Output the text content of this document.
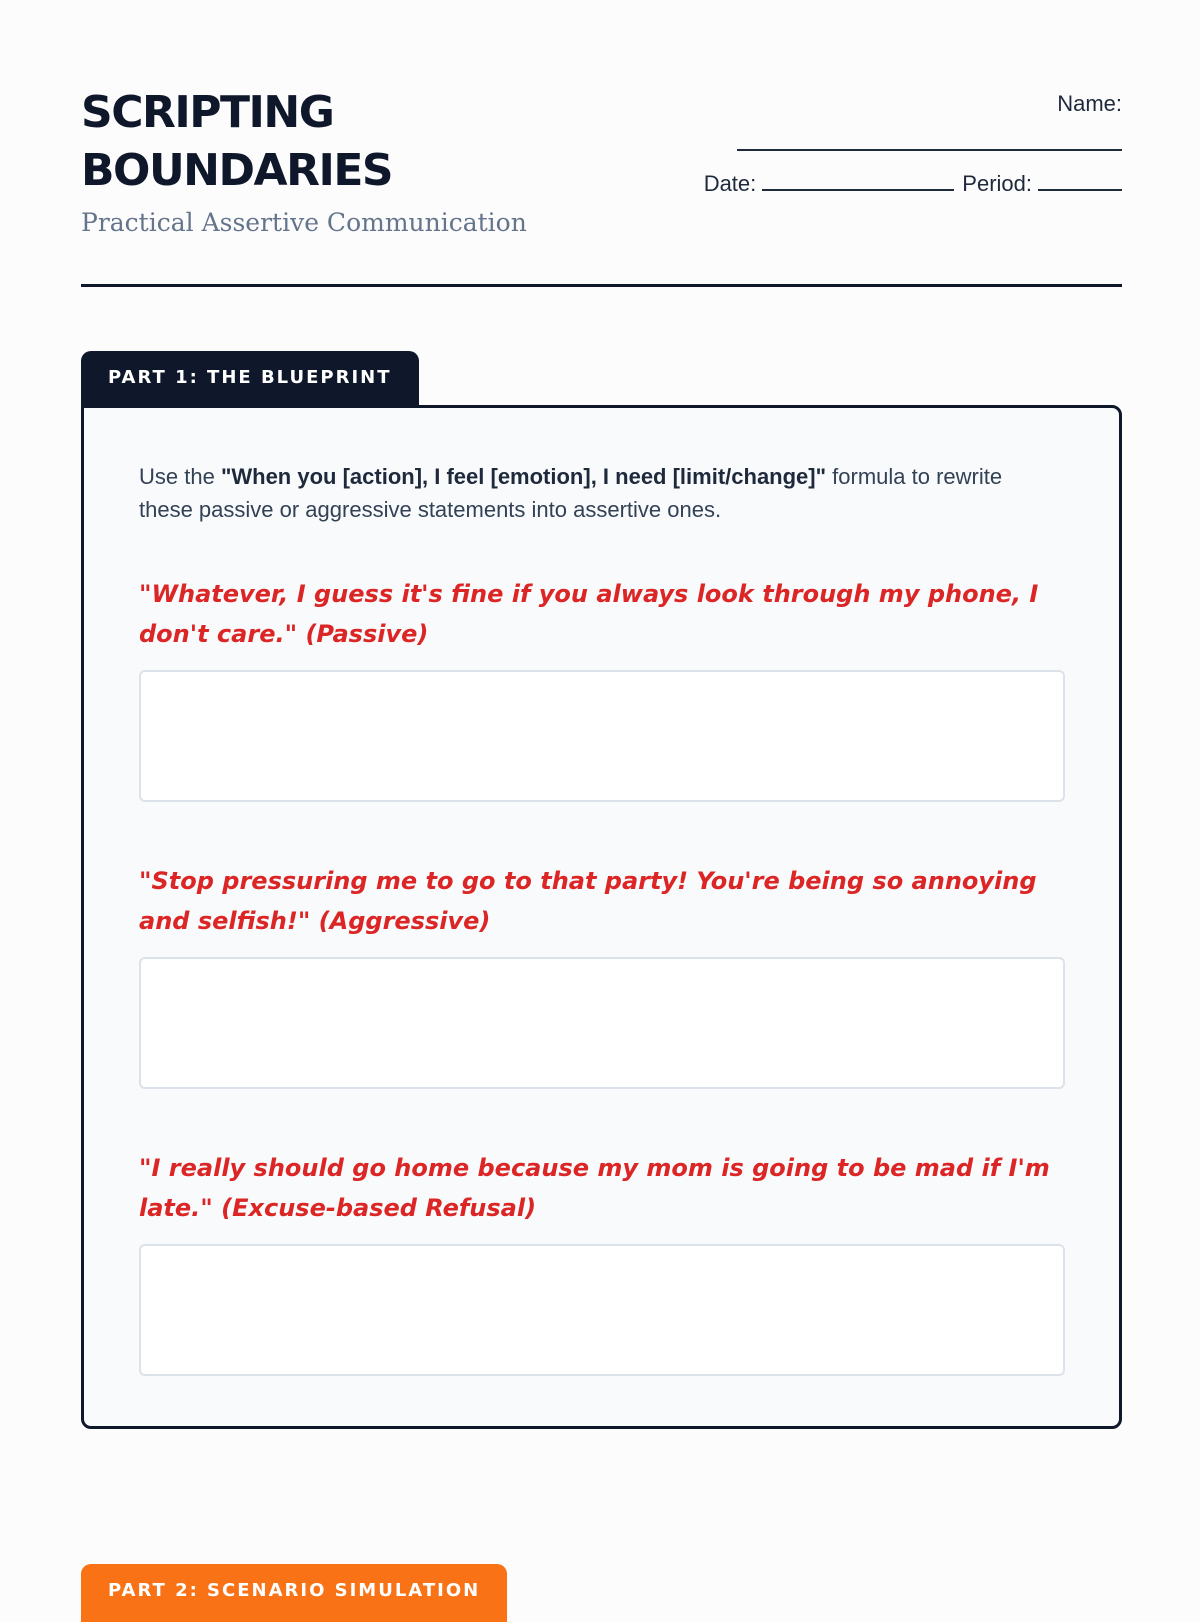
SCRIPTING
BOUNDARIES
Practical Assertive Communication
Name:
Date:	Period:
PART 1: THE BLUEPRINT
Use the "When you [action], I feel [emotion], I need [limit/change]" formula to rewrite these passive or aggressive statements into assertive ones.
"Whatever, I guess it's fine if you always look through my phone, I don't care." (Passive)
"Stop pressuring me to go to that party! You're being so annoying and selfish!" (Aggressive)
"I really should go home because my mom is going to be mad if I'm late." (Excuse-based Refusal)
PART 2: SCENARIO SIMULATION
